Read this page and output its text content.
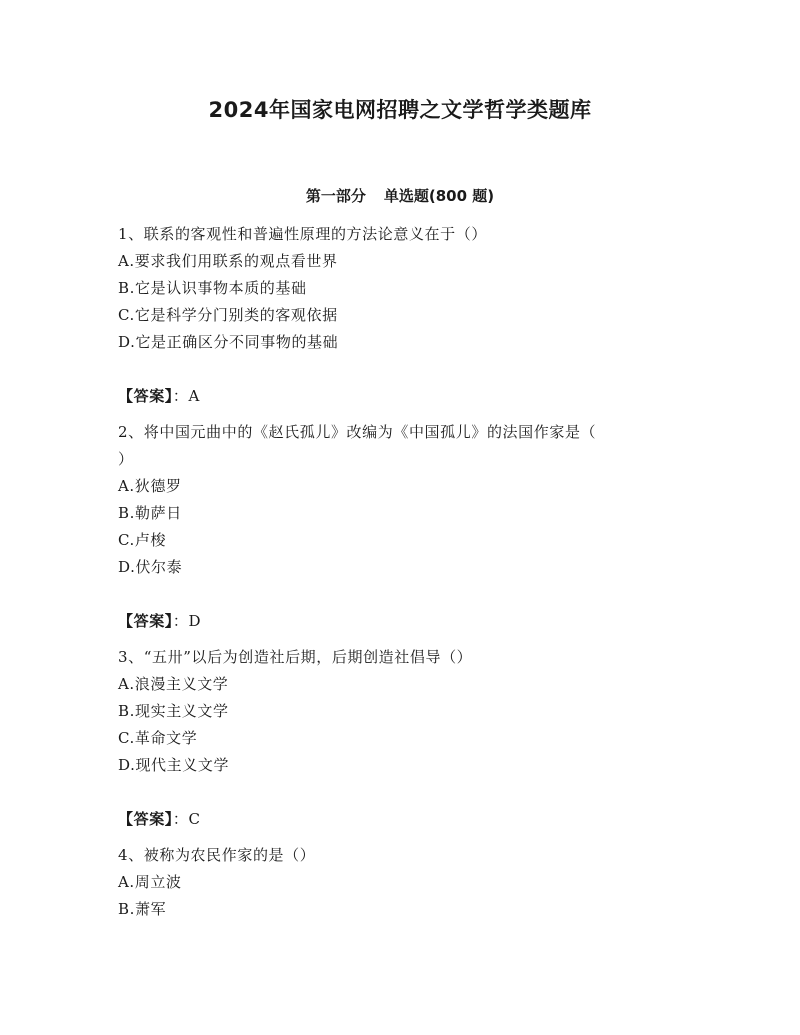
2024年国家电网招聘之文学哲学类题库
第一部分 单选题(800 题)

1、联系的客观性和普遍性原理的方法论意义在于（）

A.要求我们用联系的观点看世界

B.它是认识事物本质的基础

C.它是科学分门别类的客观依据

D.它是正确区分不同事物的基础

【答案】：A

2、将中国元曲中的《赵氏孤儿》改编为《中国孤儿》的法国作家是（

）

A.狄德罗

B.勒萨日

C.卢梭

D.伏尔泰

【答案】：D

3、“五卅”以后为创造社后期，后期创造社倡导（）

A.浪漫主义文学

B.现实主义文学

C.革命文学

D.现代主义文学

【答案】：C

4、被称为农民作家的是（）

A.周立波

B.萧军
